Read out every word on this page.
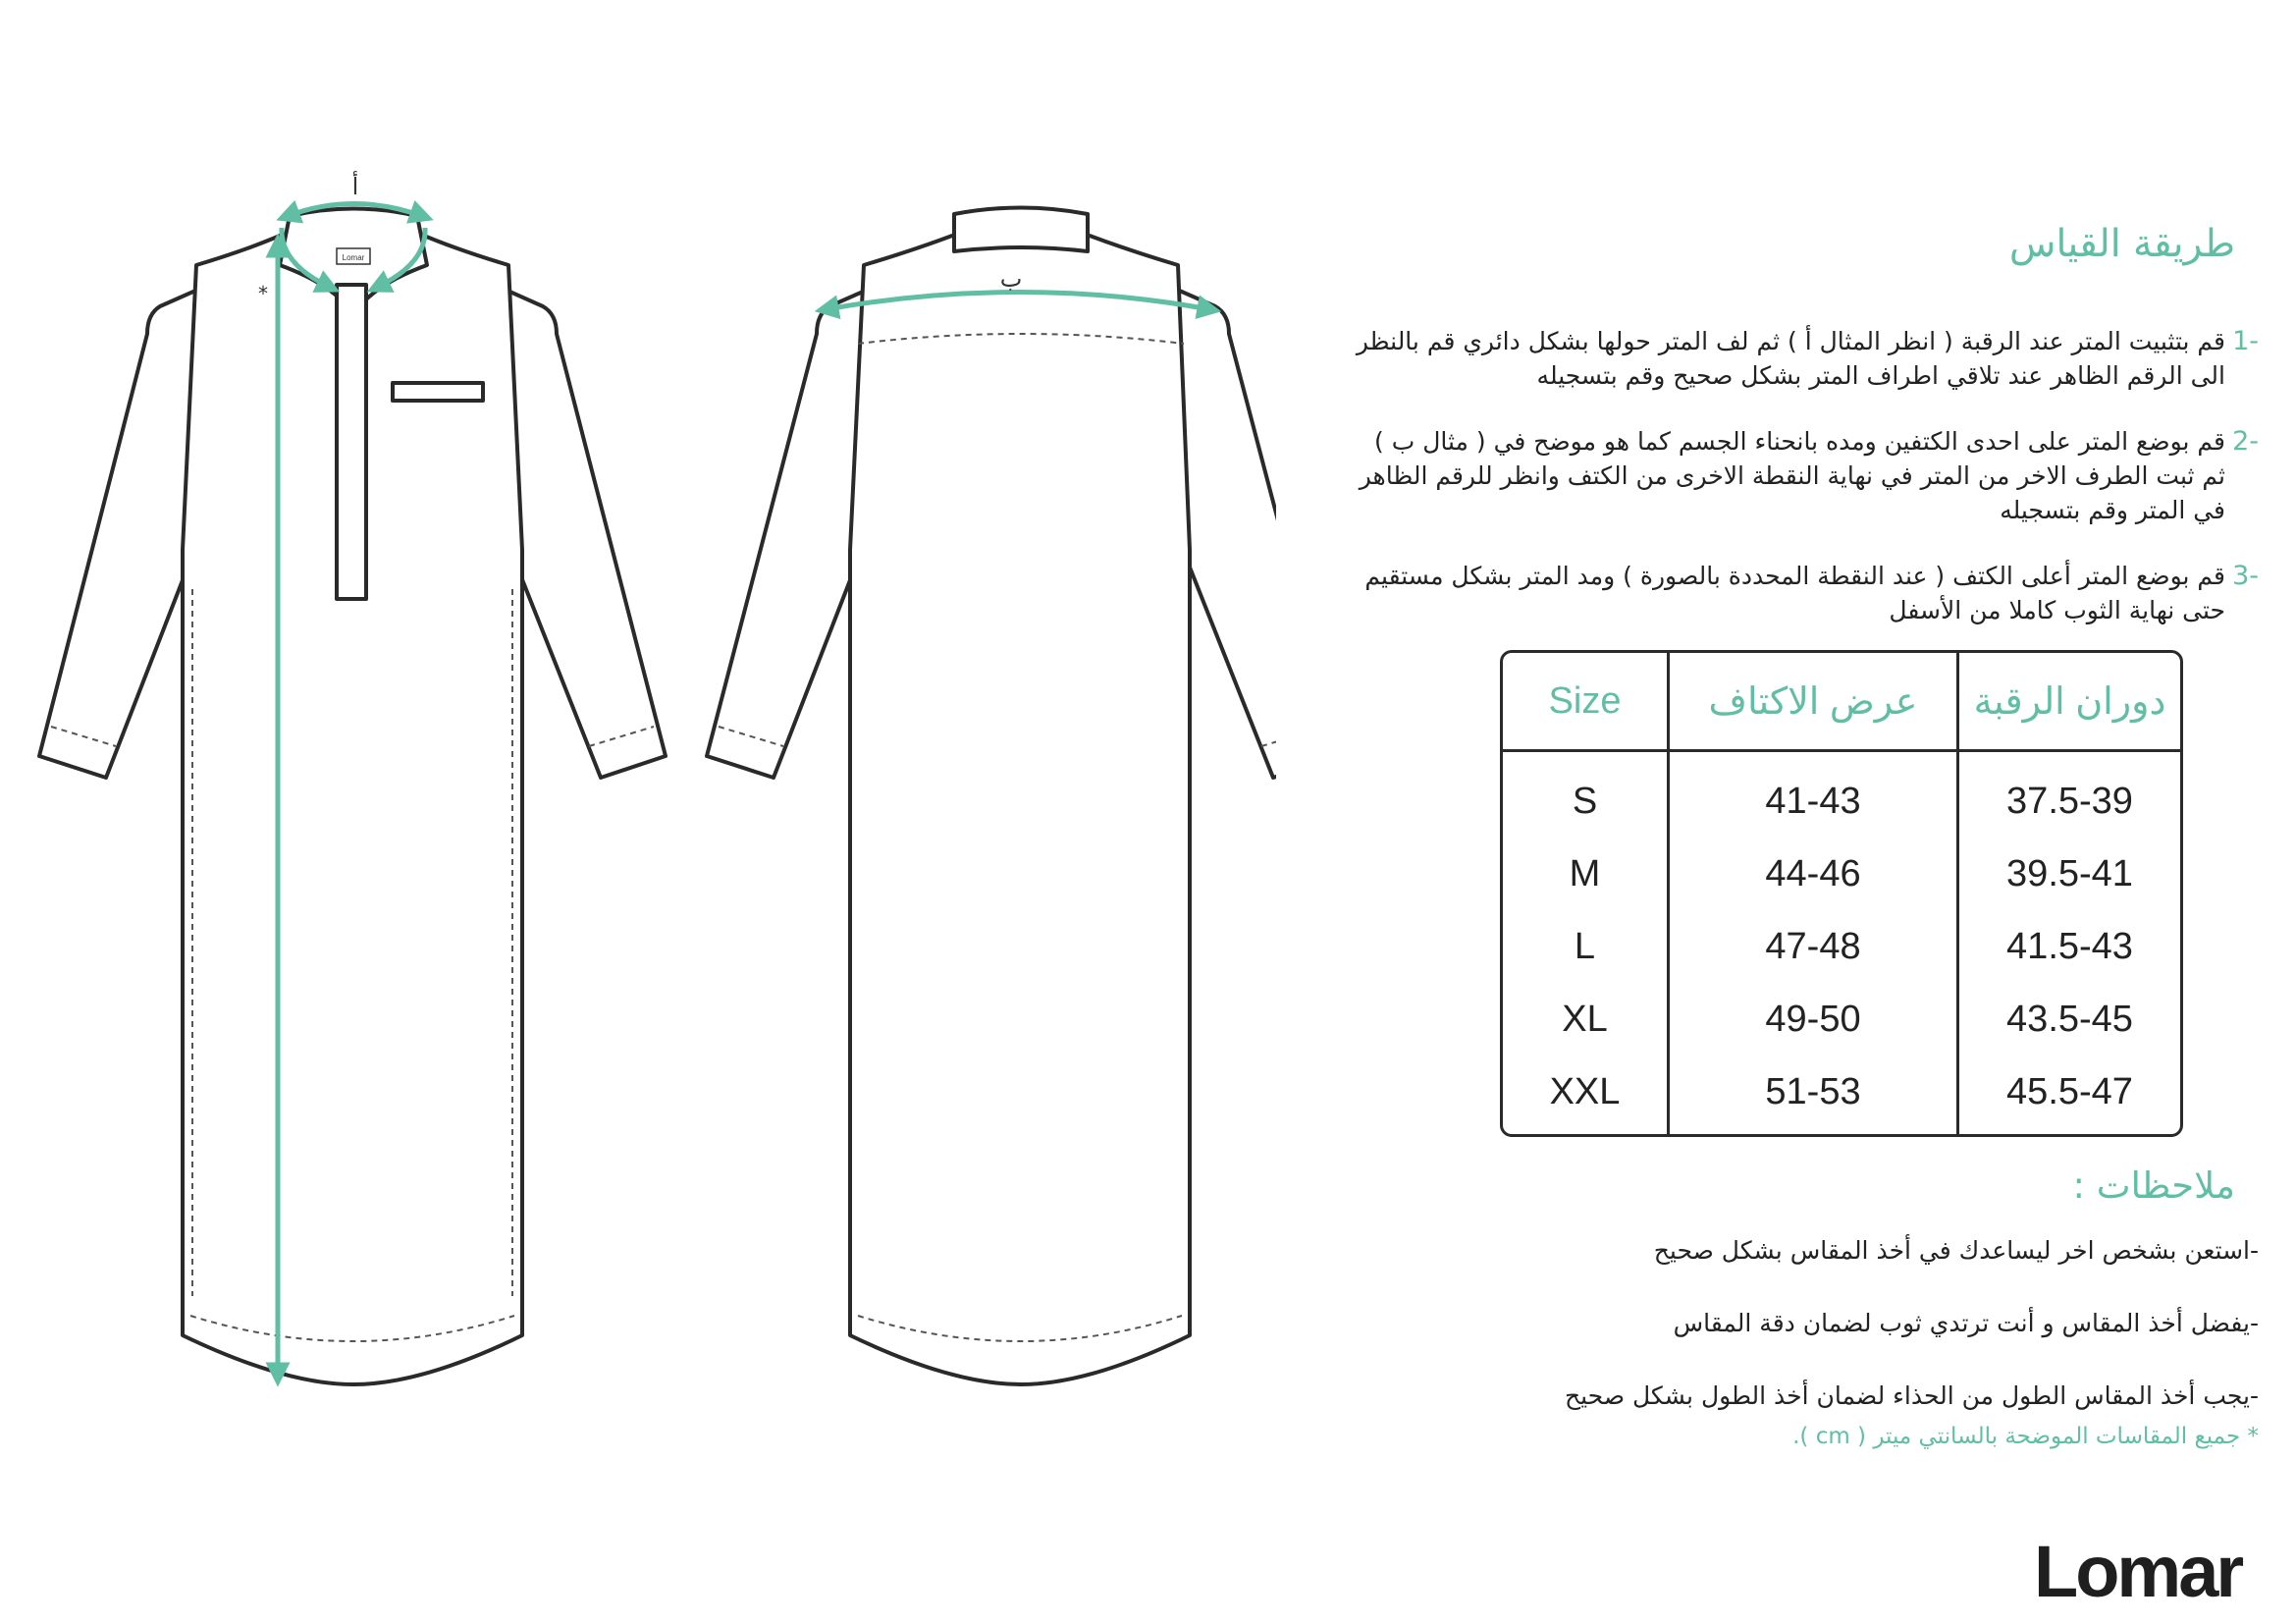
Lomar
أ
*
ب
طريقة القياس
1-
قم بتثبيت المتر عند الرقبة ( انظر المثال أ ) ثم لف المتر حولها بشكل دائري قم بالنظر الى الرقم الظاهر عند تلاقي اطراف المتر بشكل صحيح وقم بتسجيله
2-
قم بوضع المتر على احدى الكتفين ومده بانحناء الجسم كما هو موضح في ( مثال ب ) ثم ثبت الطرف الاخر من المتر في نهاية النقطة الاخرى من الكتف وانظر للرقم الظاهر في المتر وقم بتسجيله
3-
قم بوضع المتر أعلى الكتف ( عند النقطة المحددة بالصورة ) ومد المتر بشكل مستقيم حتى نهاية الثوب كاملا من الأسفل
Size	عرض الاكتاف	دوران الرقبة
S	41-43	37.5-39
M	44-46	39.5-41
L	47-48	41.5-43
XL	49-50	43.5-45
XXL	51-53	45.5-47
ملاحظات :
-استعن بشخص اخر ليساعدك في أخذ المقاس بشكل صحيح
-يفضل أخذ المقاس و أنت ترتدي ثوب لضمان دقة المقاس
-يجب أخذ المقاس الطول من الحذاء لضمان أخذ الطول بشكل صحيح
* جميع المقاسات الموضحة بالسانتي ميتر ( cm ).
Lomar
